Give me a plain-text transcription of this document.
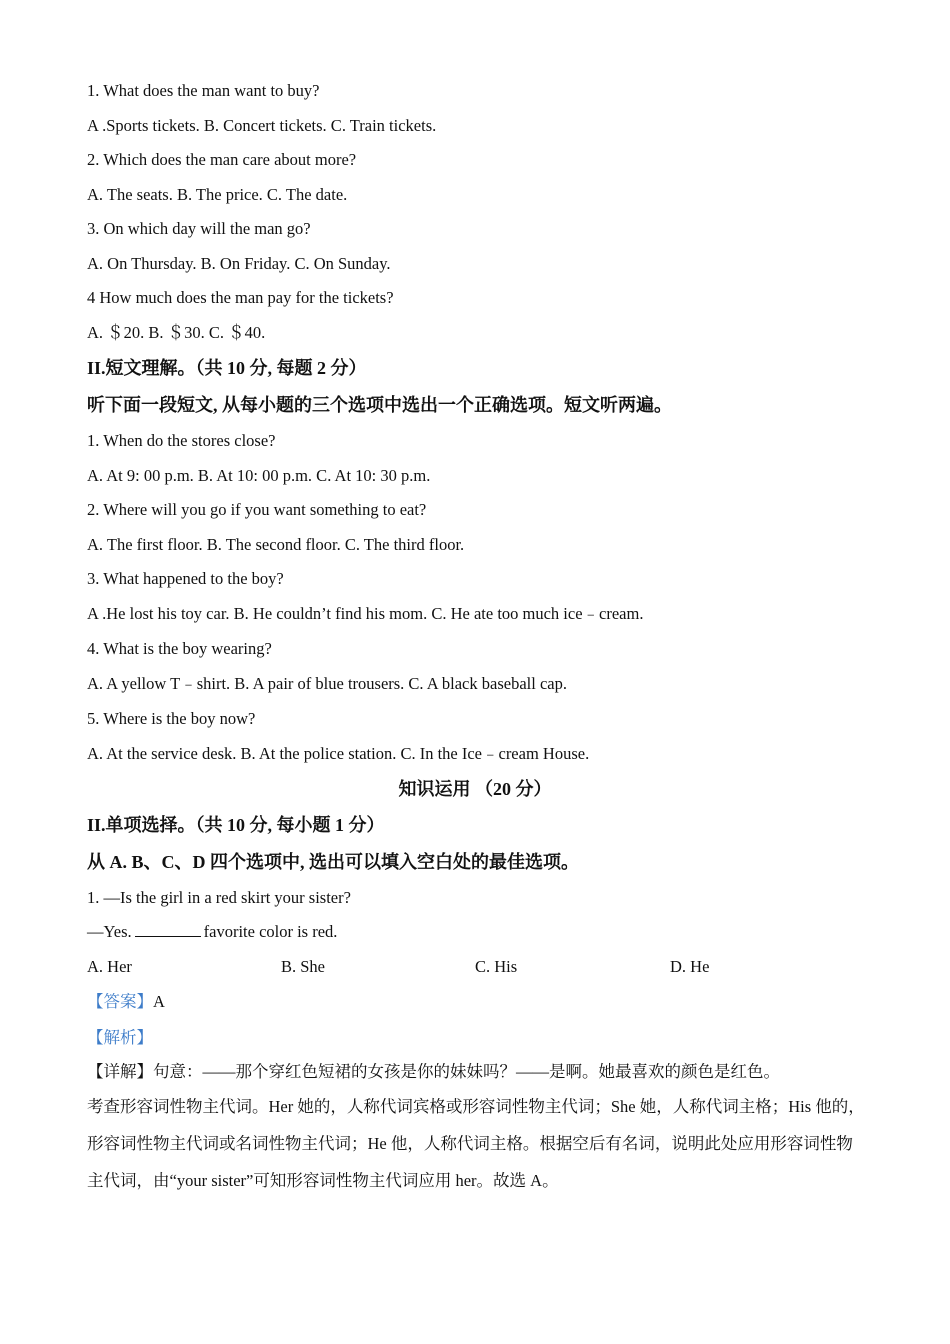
1. What does the man want to buy?
A .Sports tickets. B. Concert tickets. C. Train tickets.
2. Which does the man care about more?
A. The seats. B. The price. C. The date.
3. On which day will the man go?
A. On Thursday. B. On Friday. C. On Sunday.
4 How much does the man pay for the tickets?
A. ＄20. B. ＄30. C. ＄40.
II.短文理解。（共 10 分, 每题 2 分）
听下面一段短文, 从每小题的三个选项中选出一个正确选项。短文听两遍。
1. When do the stores close?
A. At 9: 00 p.m. B. At 10: 00 p.m. C. At 10: 30 p.m.
2. Where will you go if you want something to eat?
A. The first floor. B. The second floor. C. The third floor.
3. What happened to the boy?
A .He lost his toy car. B. He couldn’t find his mom. C. He ate too much ice﹣cream.
4. What is the boy wearing?
A. A yellow T﹣shirt. B. A pair of blue trousers. C. A black baseball cap.
5. Where is the boy now?
A. At the service desk. B. At the police station. C. In the Ice﹣cream House.
知识运用 （20 分）
II.单项选择。（共 10 分, 每小题 1 分）
从 A. B、C、D 四个选项中, 选出可以填入空白处的最佳选项。
1. —Is the girl in a red skirt your sister?
—Yes.	favorite color is red.
A. Her	B. She	C. His	D. He
【答案】A
【解析】
【详解】句意：——那个穿红色短裙的女孩是你的妹妹吗？——是啊。她最喜欢的颜色是红色。
考查形容词性物主代词。Her 她的，人称代词宾格或形容词性物主代词；She 她，人称代词主格；His 他的，
形容词性物主代词或名词性物主代词；He 他，人称代词主格。根据空后有名词，说明此处应用形容词性物
主代词，由“your sister”可知形容词性物主代词应用 her。故选 A。
